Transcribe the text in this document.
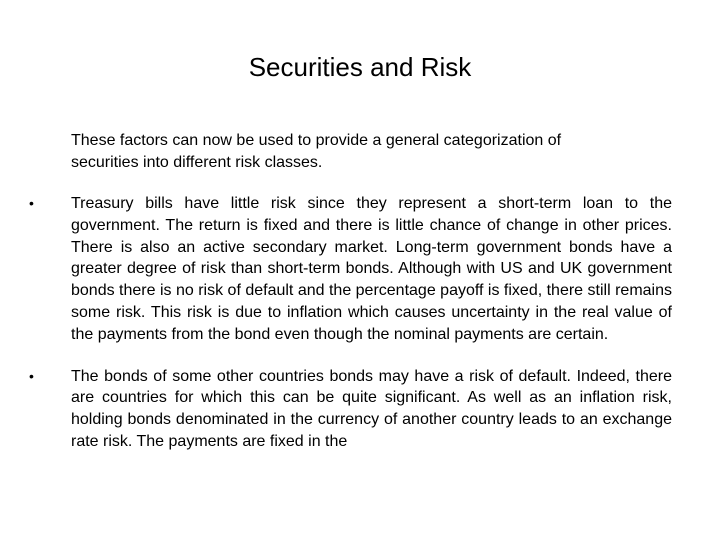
Securities and Risk

These factors can now be used to provide a general categorization of securities into different risk classes.

• Treasury bills have little risk since they represent a short-term loan to the government. The return is fixed and there is little chance of change in other prices. There is also an active secondary market. Long-term government bonds have a greater degree of risk than short-term bonds. Although with US and UK government bonds there is no risk of default and the percentage payoff is fixed, there still remains some risk. This risk is due to inflation which causes uncertainty in the real value of the payments from the bond even though the nominal payments are certain.
• The bonds of some other countries bonds may have a risk of default. Indeed, there are countries for which this can be quite significant. As well as an inflation risk, holding bonds denominated in the currency of another country leads to an exchange rate risk. The payments are fixed in the
